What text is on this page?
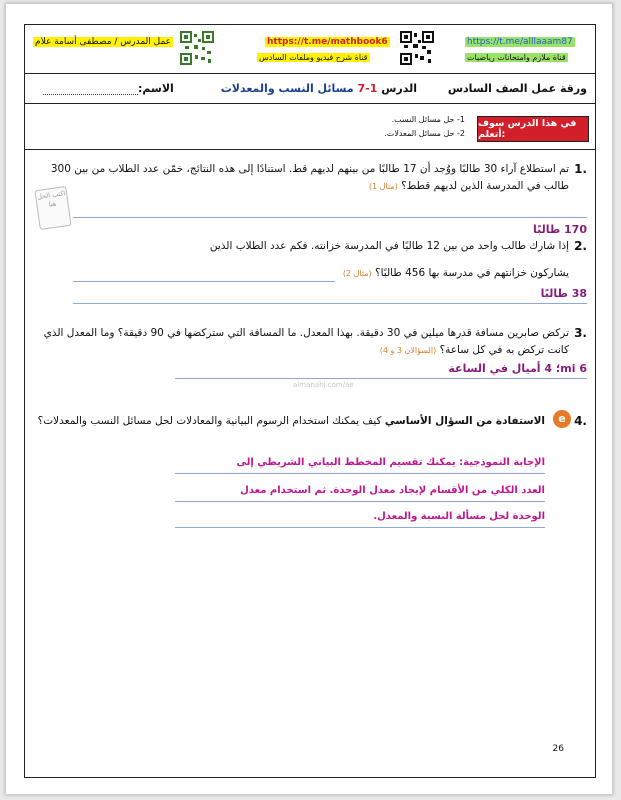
عمل المدرس / مصطفى أسامة علام	https://t.me/mathbook6
قناة شرح فيديو وملفات السادس
https://t.me/alllaaam87
قناة ملازم وامتحانات رياضيات
ورقة عمل الصف السادس
الدرس 1-7 مسائل النسب والمعدلات
الاسم:
في هذا الدرس سوف أتعلم:
1- حل مسائل النسب.
2- حل مسائل المعدلات.
1.
تم استطلاع آراء 30 طالبًا ووُجد أن 17 طالبًا من بينهم لديهم قط. استنادًا إلى هذه النتائج، خمّن عدد الطلاب من بين 300 طالب في المدرسة الذين لديهم قطط؟ (مثال 1)
اكتب الحل هنا
170 طالبًا
2.
إذا شارك طالب واحد من بين 12 طالبًا في المدرسة خزانته. فكم عدد الطلاب الذين
يشاركون خزانتهم في مدرسة بها 456 طالبًا؟ (مثال 2)
38 طالبًا
3.
تركض صابرين مسافة قدرها ميلين في 30 دقيقة. بهذا المعدل. ما المسافة التي ستركضها في 90 دقيقة؟ وما المعدل الذي كانت تركض به في كل ساعة؟ (السؤالان 3 و 4)
6 mi؛ 4 أميال في الساعة
almanahj.com/ae
4.
الاستفادة من السؤال الأساسي كيف يمكنك استخدام الرسوم البيانية والمعادلات لحل مسائل النسب والمعدلات؟	e
الإجابة النموذجية: يمكنك تقسيم المخطط البياني الشريطي إلى
العدد الكلي من الأقسام لإيجاد معدل الوحدة. ثم استخدام معدل
الوحدة لحل مسألة النسبة والمعدل.
26
